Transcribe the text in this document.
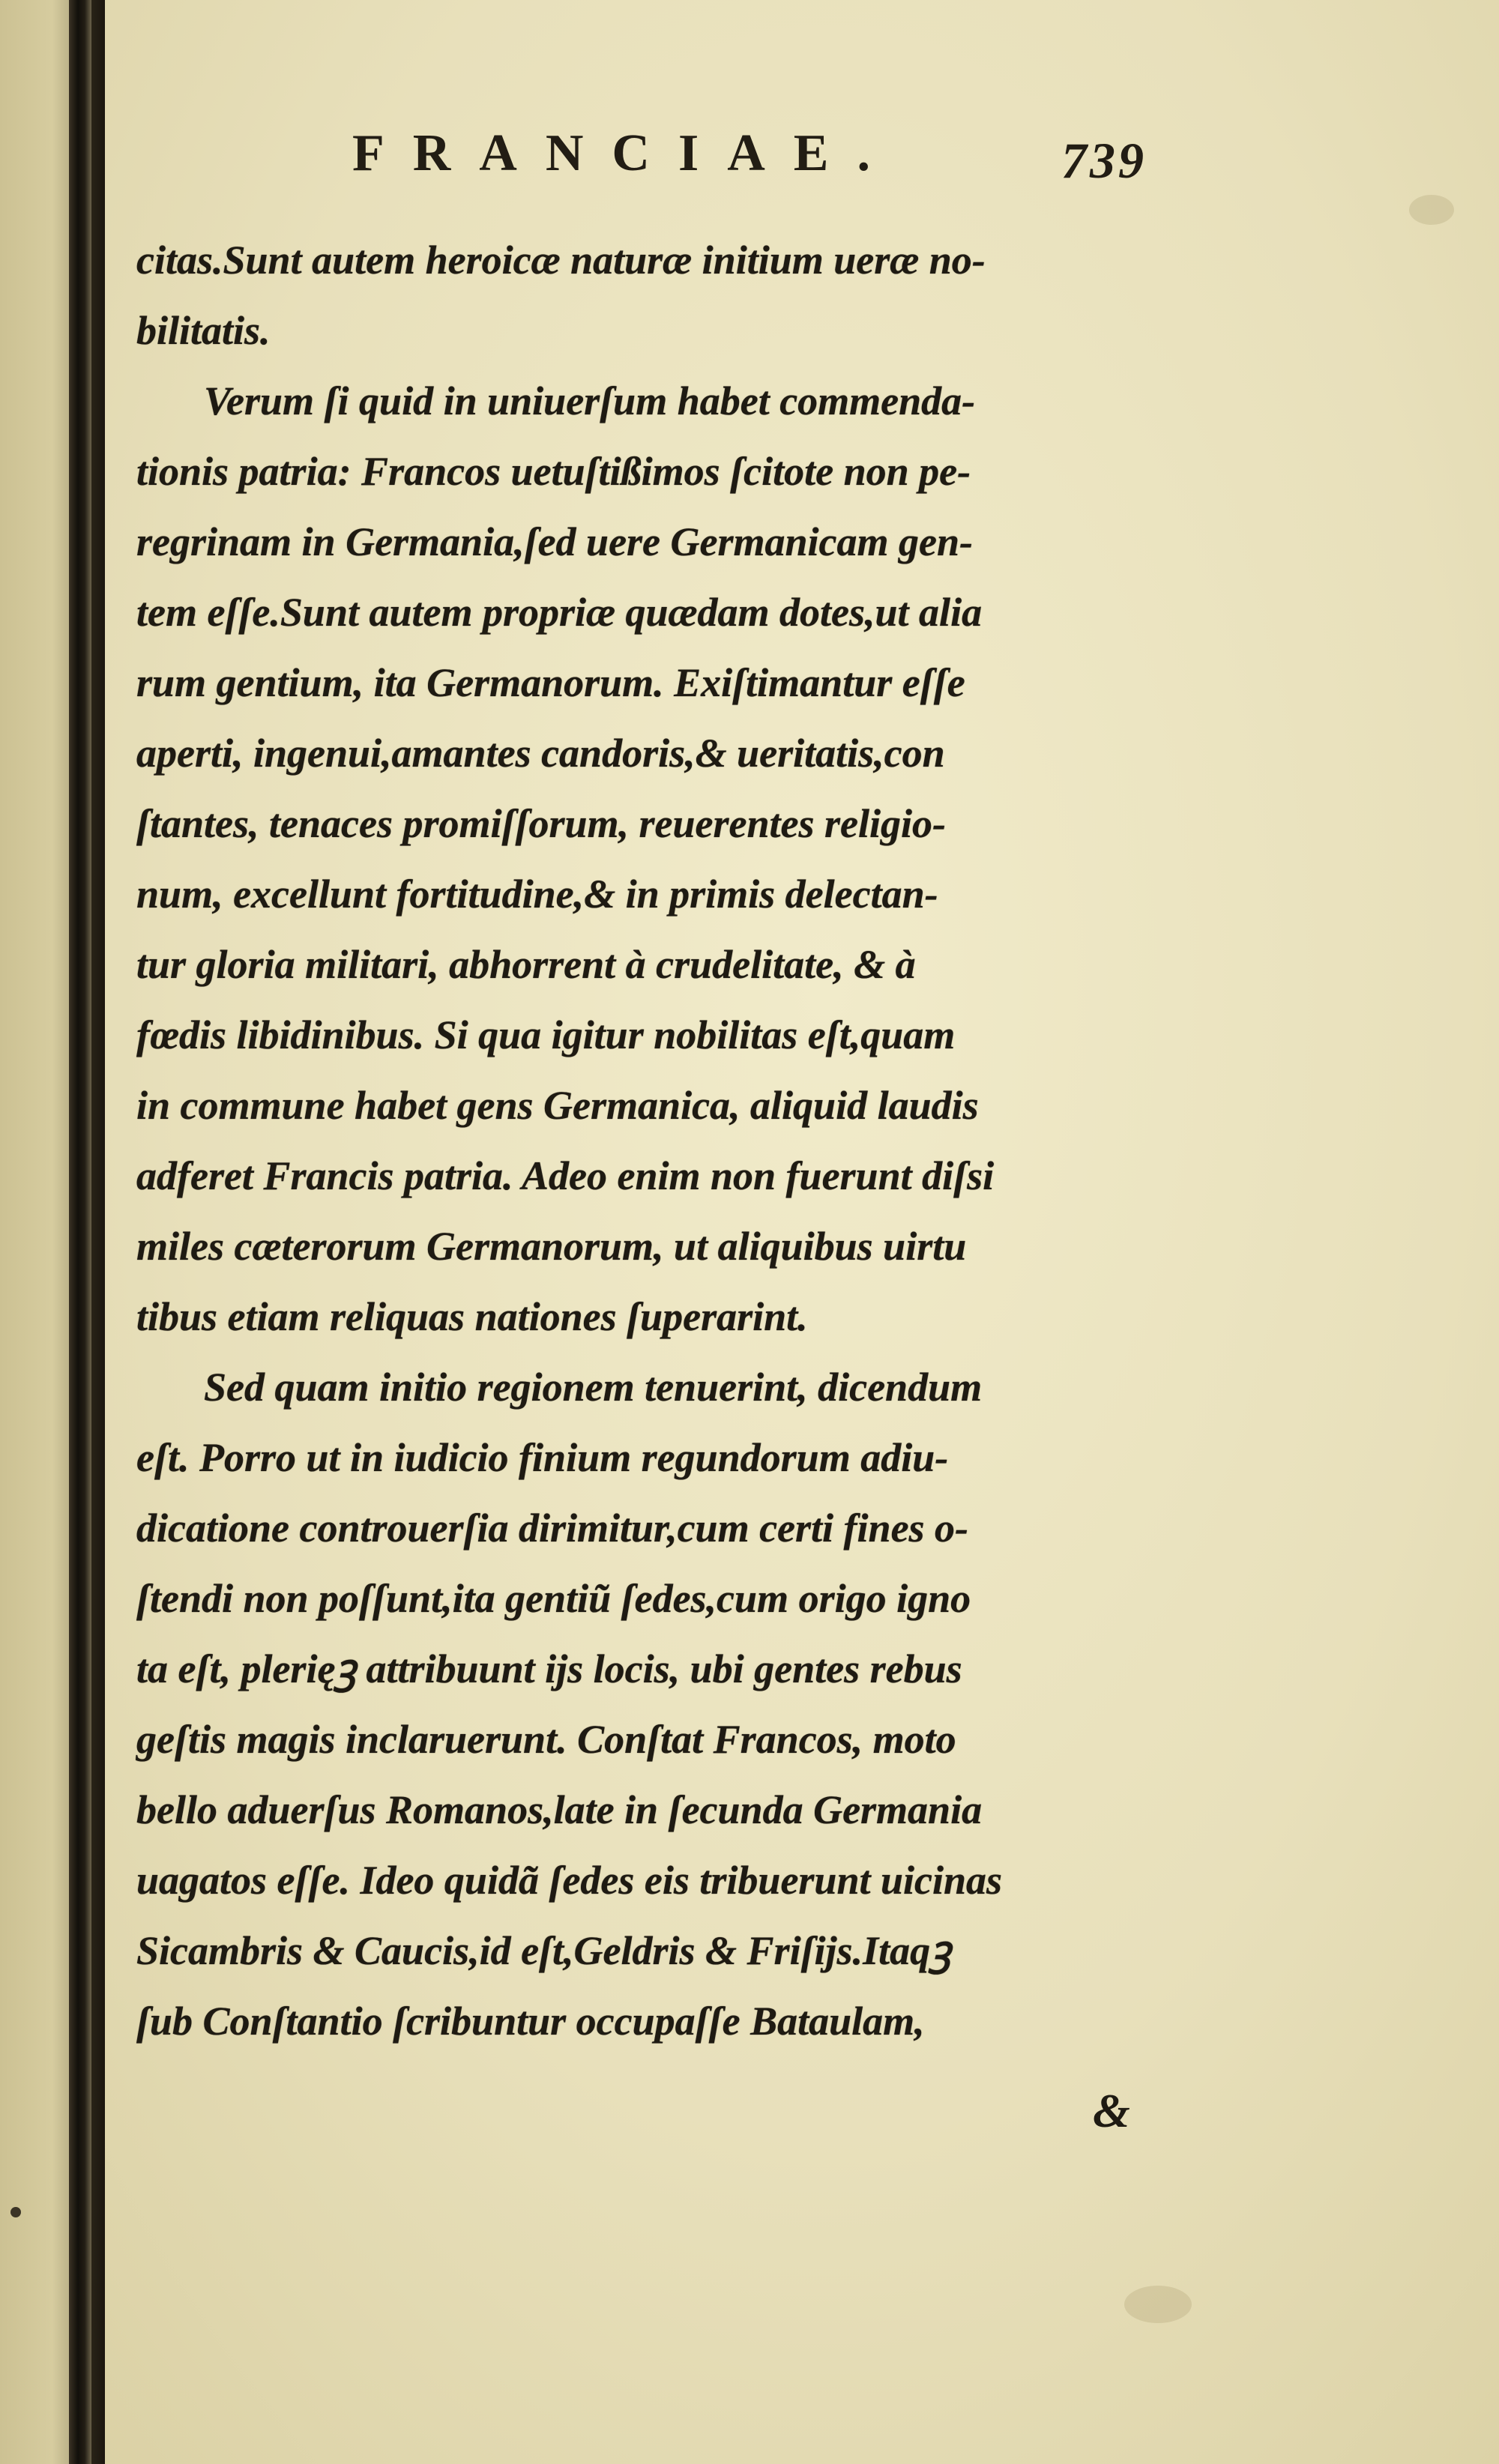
FRANCIAE.	739
citas.Sunt autem heroicæ naturæ initium ueræ no-
bilitatis.
Verum ſi quid in uniuerſum habet commenda-
tionis patria: Francos uetuſtißimos ſcitote non pe-
regrinam in Germania,ſed uere Germanicam gen-
tem eſſe.Sunt autem propriæ quædam dotes,ut alia
rum gentium, ita Germanorum. Exiſtimantur eſſe
aperti, ingenui,amantes candoris,& ueritatis,con
ſtantes, tenaces promiſſorum, reuerentes religio-
num, excellunt fortitudine,& in primis delectan-
tur gloria militari, abhorrent à crudelitate, & à
fœdis libidinibus. Si qua igitur nobilitas eſt,quam
in commune habet gens Germanica, aliquid laudis
adferet Francis patria. Adeo enim non fuerunt diſsi
miles cæterorum Germanorum, ut aliquibus uirtu
tibus etiam reliquas nationes ſuperarint.
Sed quam initio regionem tenuerint, dicendum
eſt. Porro ut in iudicio finium regundorum adiu-
dicatione controuerſia dirimitur,cum certi fines o-
ſtendi non poſſunt,ita gentiũ ſedes,cum origo igno
ta eſt, plerięꝫ attribuunt ijs locis, ubi gentes rebus
geſtis magis inclaruerunt. Conſtat Francos, moto
bello aduerſus Romanos,late in ſecunda Germania
uagatos eſſe. Ideo quidã ſedes eis tribuerunt uicinas
Sicambris & Caucis,id eſt,Geldris & Friſijs.Itaqꝫ
ſub Conſtantio ſcribuntur occupaſſe Bataulam,
&
